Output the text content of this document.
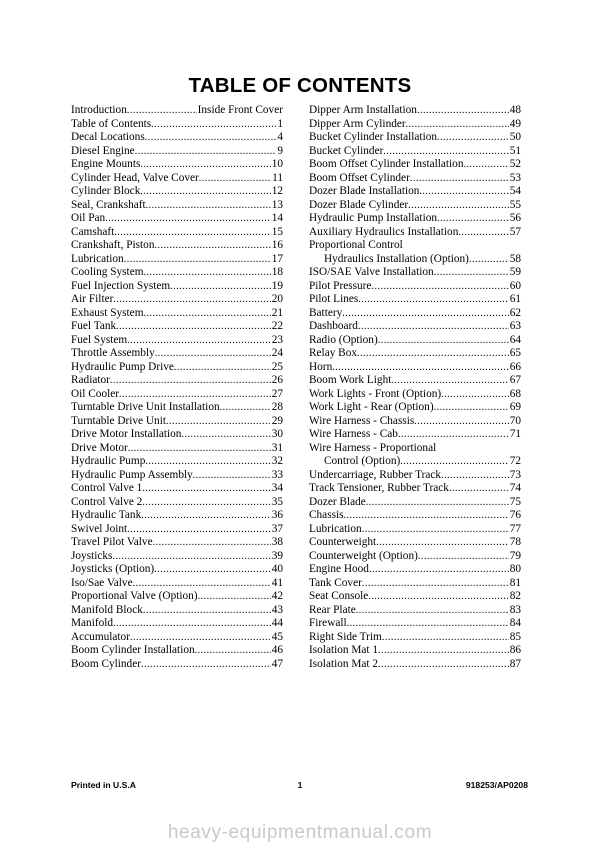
TABLE OF CONTENTS
Introduction .....	Inside Front Cover
Table of Contents .....	1
Decal Locations .....	4
Diesel Engine .....	9
Engine Mounts .....	10
Cylinder Head, Valve Cover .....	11
Cylinder Block .....	12
Seal, Crankshaft .....	13
Oil Pan .....	14
Camshaft .....	15
Crankshaft, Piston .....	16
Lubrication .....	17
Cooling System .....	18
Fuel Injection System .....	19
Air Filter .....	20
Exhaust System .....	21
Fuel Tank .....	22
Fuel System .....	23
Throttle Assembly .....	24
Hydraulic Pump Drive .....	25
Radiator .....	26
Oil Cooler .....	27
Turntable Drive Unit Installation .....	28
Turntable Drive Unit .....	29
Drive Motor Installation .....	30
Drive Motor .....	31
Hydraulic Pump .....	32
Hydraulic Pump Assembly .....	33
Control Valve 1 .....	34
Control Valve 2 .....	35
Hydraulic Tank .....	36
Swivel Joint .....	37
Travel Pilot Valve .....	38
Joysticks .....	39
Joysticks (Option) .....	40
Iso/Sae Valve .....	41
Proportional Valve (Option) .....	42
Manifold Block .....	43
Manifold .....	44
Accumulator .....	45
Boom Cylinder Installation .....	46
Boom Cylinder .....	47
Dipper Arm Installation .....	48
Dipper Arm Cylinder .....	49
Bucket Cylinder Installation .....	50
Bucket Cylinder .....	51
Boom Offset Cylinder Installation .....	52
Boom Offset Cylinder .....	53
Dozer Blade Installation .....	54
Dozer Blade Cylinder .....	55
Hydraulic Pump Installation .....	56
Auxiliary Hydraulics Installation .....	57
Proportional Control
Hydraulics Installation (Option) .....	58
ISO/SAE Valve Installation .....	59
Pilot Pressure .....	60
Pilot Lines .....	61
Battery .....	62
Dashboard .....	63
Radio (Option) .....	64
Relay Box .....	65
Horn .....	66
Boom Work Light .....	67
Work Lights - Front (Option) .....	68
Work Light - Rear (Option) .....	69
Wire Harness - Chassis .....	70
Wire Harness - Cab .....	71
Wire Harness - Proportional
Control (Option) .....	72
Undercarriage, Rubber Track .....	73
Track Tensioner, Rubber Track .....	74
Dozer Blade .....	75
Chassis .....	76
Lubrication .....	77
Counterweight .....	78
Counterweight (Option) .....	79
Engine Hood .....	80
Tank Cover .....	81
Seat Console .....	82
Rear Plate .....	83
Firewall .....	84
Right Side Trim .....	85
Isolation Mat 1 .....	86
Isolation Mat 2 .....	87
Printed in U.S.A	1	918253/AP0208
heavy-equipmentmanual.com
